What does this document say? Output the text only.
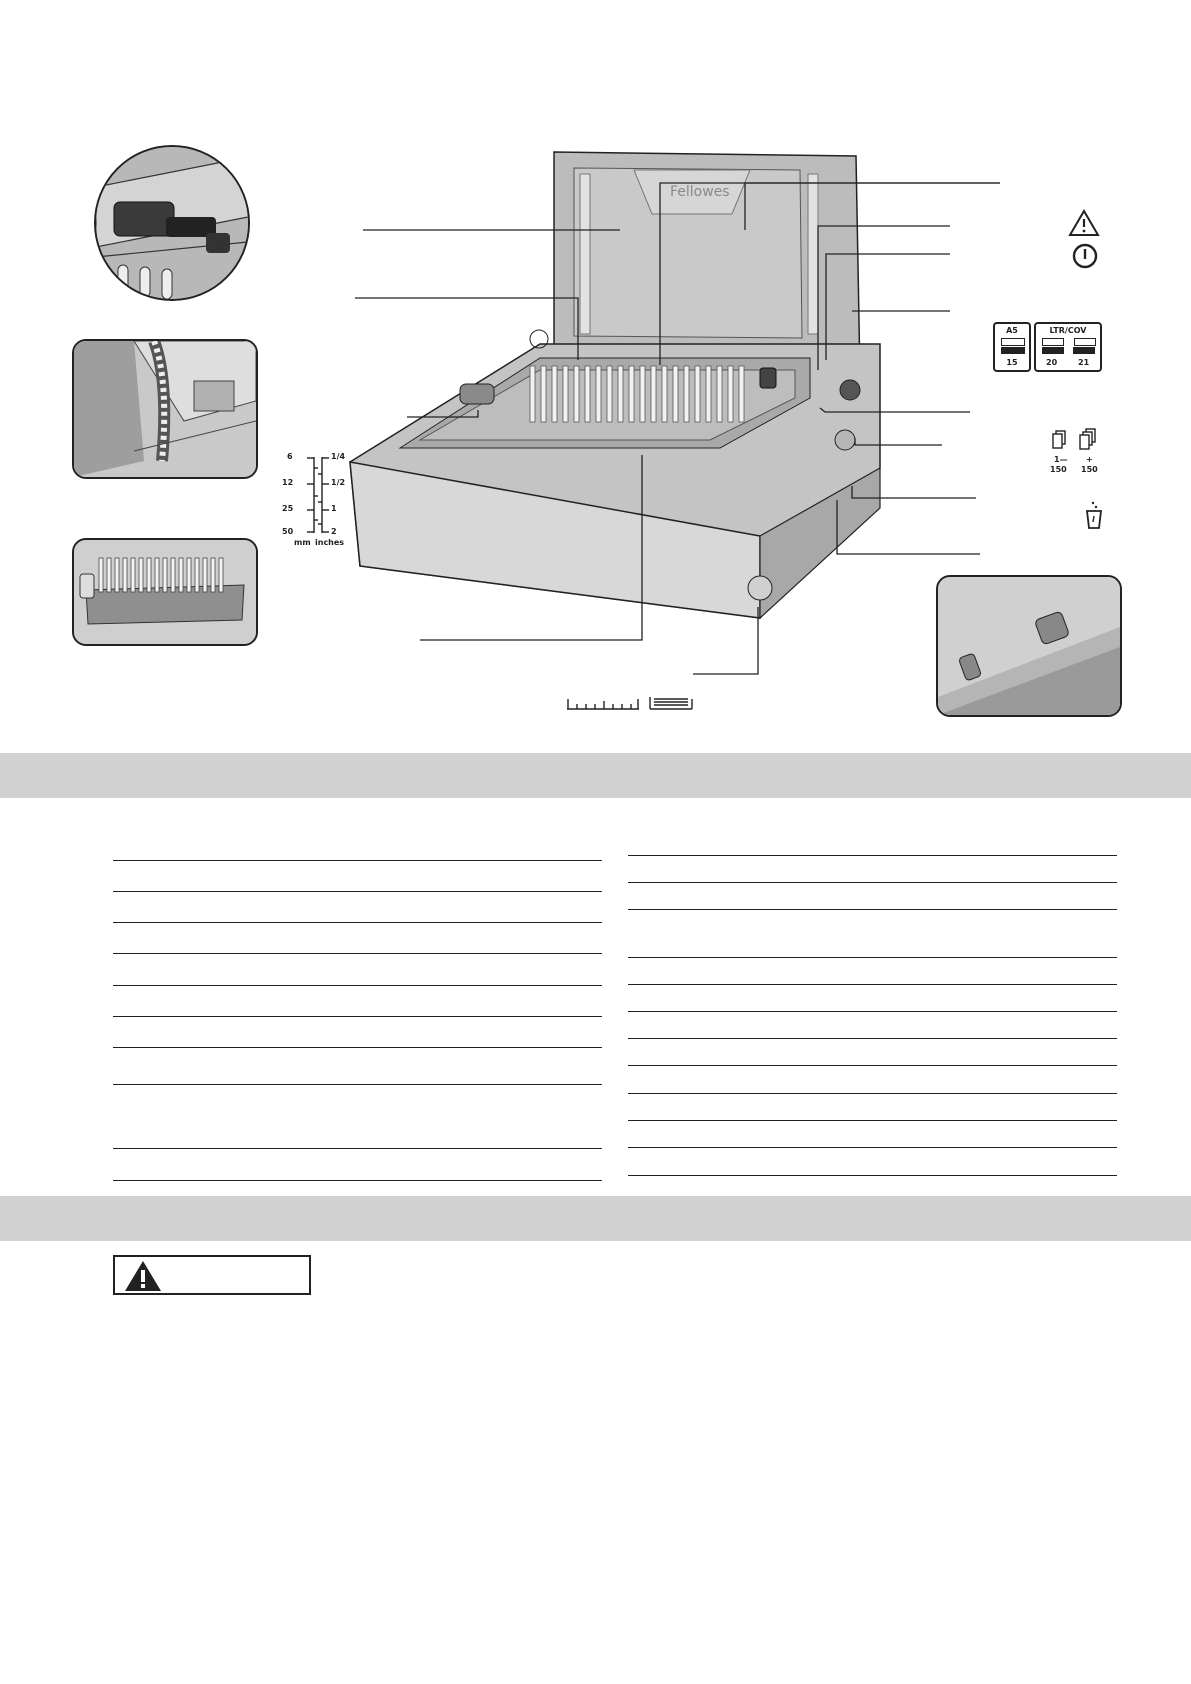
Fellowes
6
12
25
50
1/4
1/2
1
2
mm inches
A5
15
LTR/COV
20	21
1—
150
+
150
